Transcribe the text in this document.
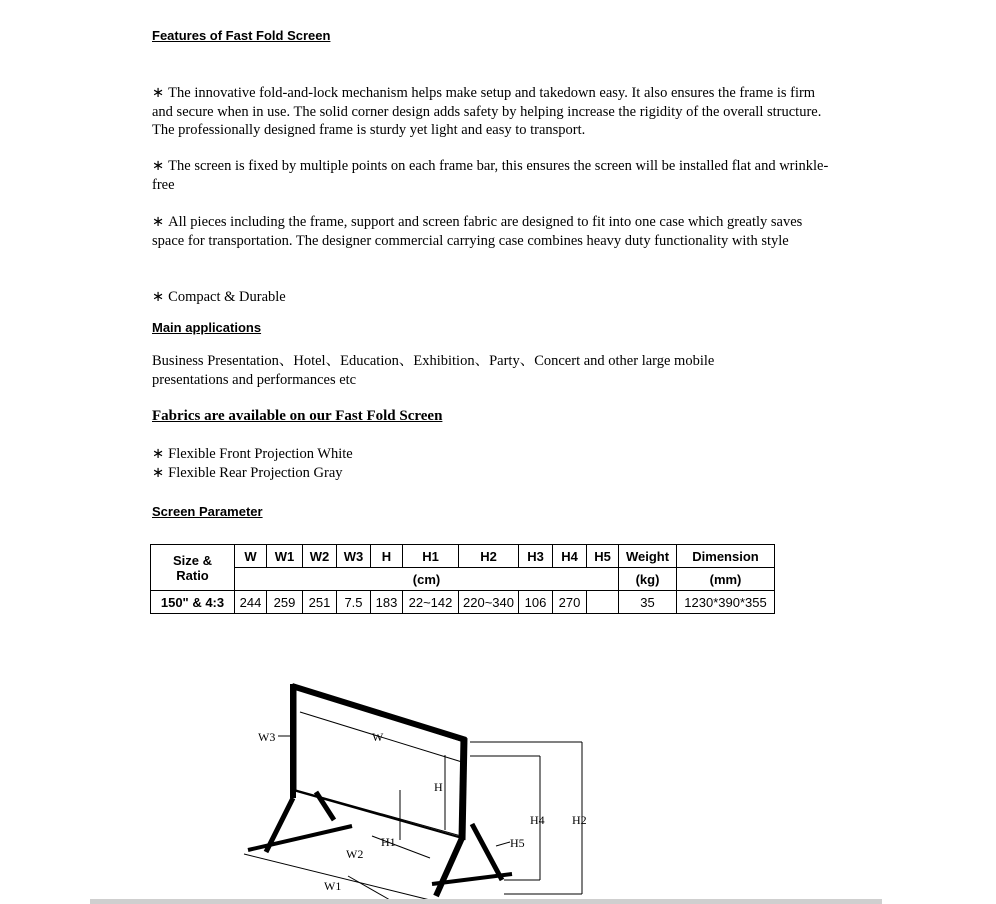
Features of Fast Fold Screen
∗ The innovative fold-and-lock mechanism helps make setup and takedown easy. It also ensures the frame is firm and secure when in use. The solid corner design adds safety by helping increase the rigidity of the overall structure. The professionally designed frame is sturdy yet light and easy to transport.
∗ The screen is fixed by multiple points on each frame bar, this ensures the screen will be installed flat and wrinkle-free
∗ All pieces including the frame, support and screen fabric are designed to fit into one case which greatly saves space for transportation. The designer commercial carrying case combines heavy duty functionality with style
∗ Compact & Durable
Main applications
Business Presentation、Hotel、Education、Exhibition、Party、Concert and other large mobile presentations and performances etc
Fabrics are available on our Fast Fold Screen
∗ Flexible Front Projection White
∗ Flexible Rear Projection Gray
Screen Parameter
Size &
Ratio	W	W1	W2	W3	H	H1	H2	H3	H4	H5	Weight	Dimension
	(cm)										(kg)	(mm)
150" & 4:3	244	259	251	7.5	183	22~142	220~340	106	270		35	1230*390*355
W3	W
H
H1
W2
W1
H4 H2
H5
